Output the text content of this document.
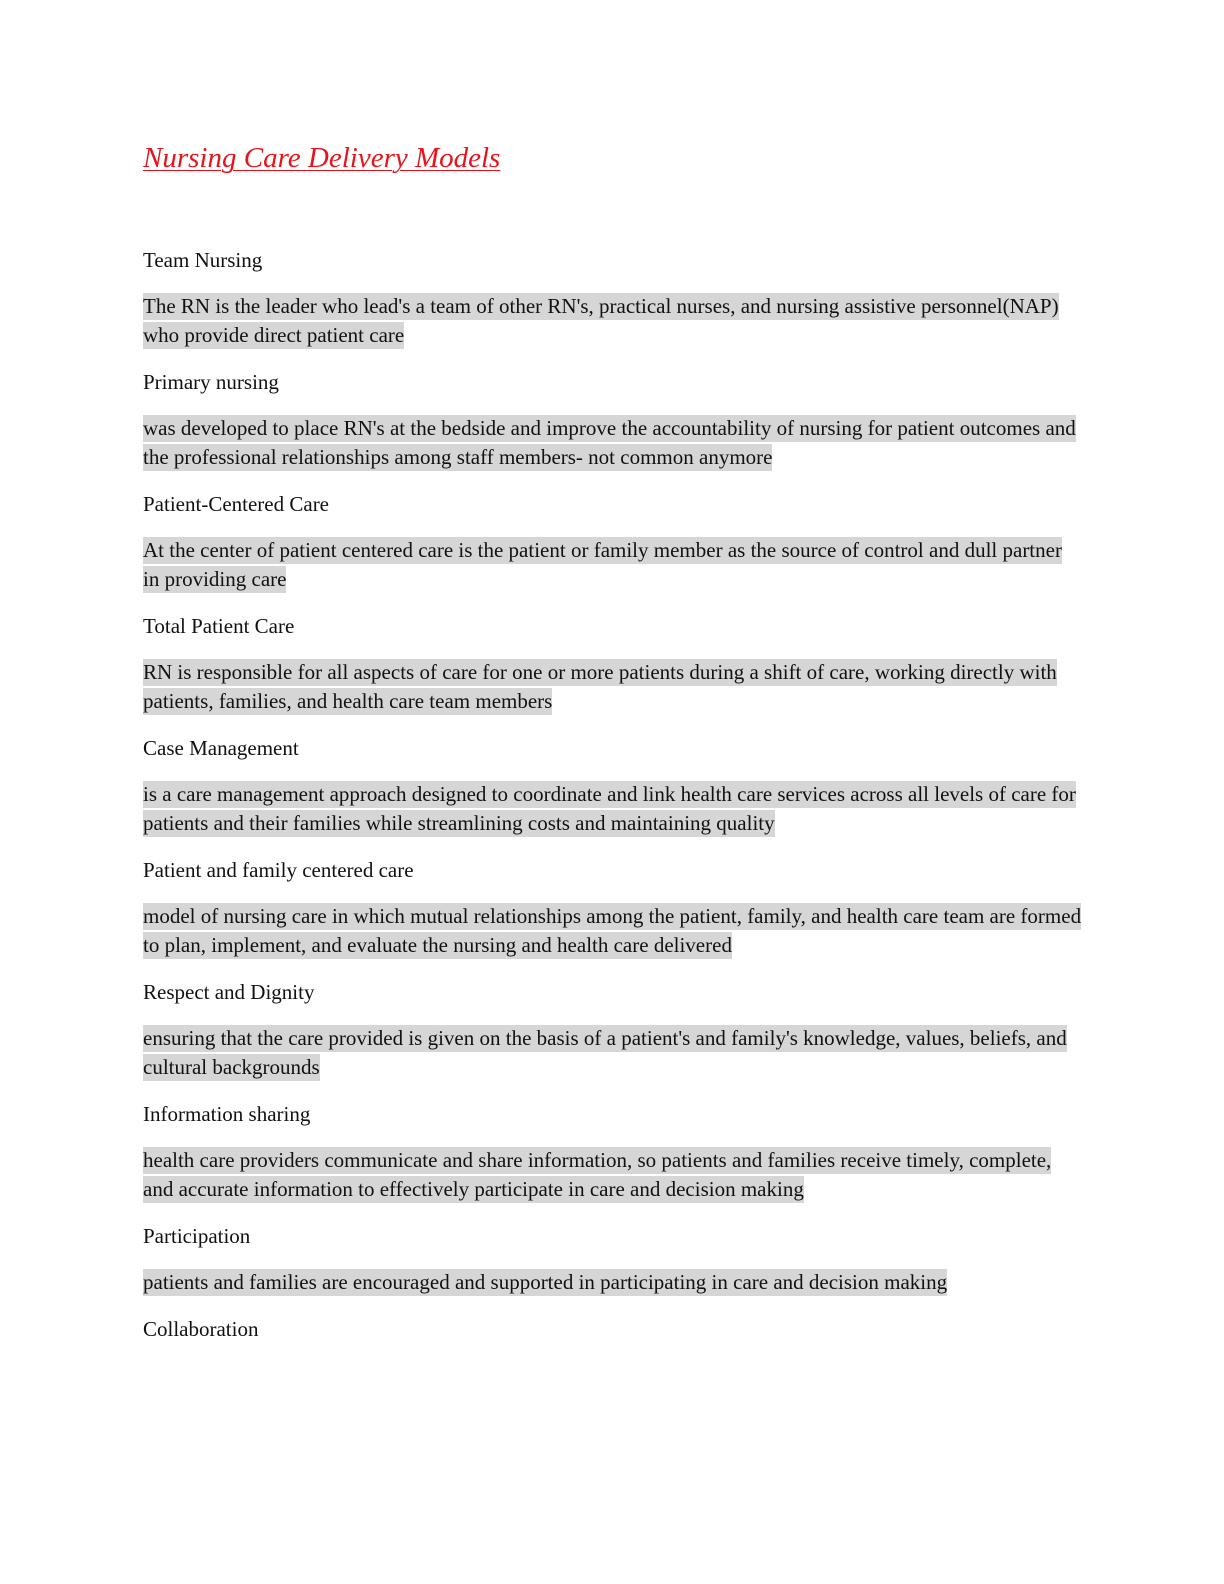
Nursing Care Delivery Models
Team Nursing
The RN is the leader who lead's a team of other RN's, practical nurses, and nursing assistive personnel(NAP) who provide direct patient care
Primary nursing
was developed to place RN's at the bedside and improve the accountability of nursing for patient outcomes and the professional relationships among staff members- not common anymore
Patient-Centered Care
At the center of patient centered care is the patient or family member as the source of control and dull partner in providing care
Total Patient Care
RN is responsible for all aspects of care for one or more patients during a shift of care, working directly with patients, families, and health care team members
Case Management
is a care management approach designed to coordinate and link health care services across all levels of care for patients and their families while streamlining costs and maintaining quality
Patient and family centered care
model of nursing care in which mutual relationships among the patient, family, and health care team are formed to plan, implement, and evaluate the nursing and health care delivered
Respect and Dignity
ensuring that the care provided is given on the basis of a patient's and family's knowledge, values, beliefs, and cultural backgrounds
Information sharing
health care providers communicate and share information, so patients and families receive timely, complete, and accurate information to effectively participate in care and decision making
Participation
patients and families are encouraged and supported in participating in care and decision making
Collaboration
